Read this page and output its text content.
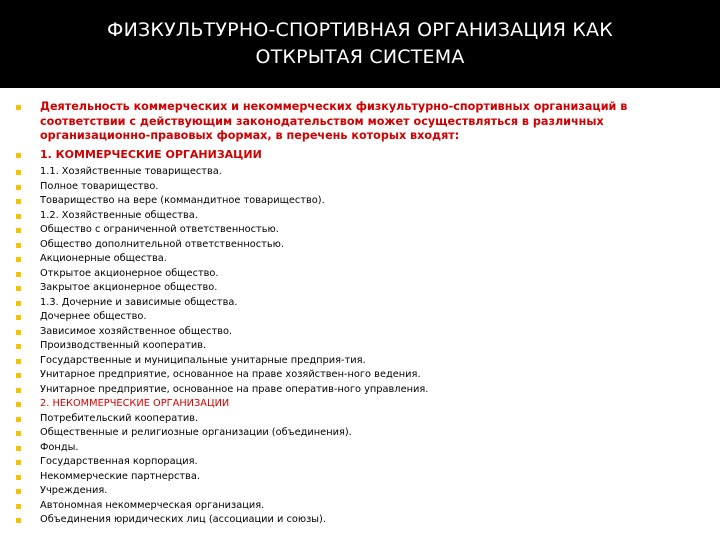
ФИЗКУЛЬТУРНО-СПОРТИВНАЯ ОРГАНИЗАЦИЯ КАК
ОТКРЫТАЯ СИСТЕМА
Деятельность коммерческих и некоммерческих физкультурно-спортивных организаций в соответствии с действующим законодательством может осуществляться в различных организационно-правовых формах, в перечень которых входят:
1. КОММЕРЧЕСКИЕ ОРГАНИЗАЦИИ
1.1. Хозяйственные товарищества.
Полное товарищество.
Товарищество на вере (коммандитное товарищество).
1.2. Хозяйственные общества.
Общество с ограниченной ответственностью.
Общество дополнительной ответственностью.
Акционерные общества.
Открытое акционерное общество.
Закрытое акционерное общество.
1.3. Дочерние и зависимые общества.
Дочернее общество.
Зависимое хозяйственное общество.
Производственный кооператив.
Государственные и муниципальные унитарные предприя-тия.
Унитарное предприятие, основанное на праве хозяйствен-ного ведения.
Унитарное предприятие, основанное на праве оператив-ного управления.
2. НЕКОММЕРЧЕСКИЕ ОРГАНИЗАЦИИ
Потребительский кооператив.
Общественные и религиозные организации (объединения).
Фонды.
Государственная корпорация.
Некоммерческие партнерства.
Учреждения.
Автономная некоммерческая организация.
Объединения юридических лиц (ассоциации и союзы).
